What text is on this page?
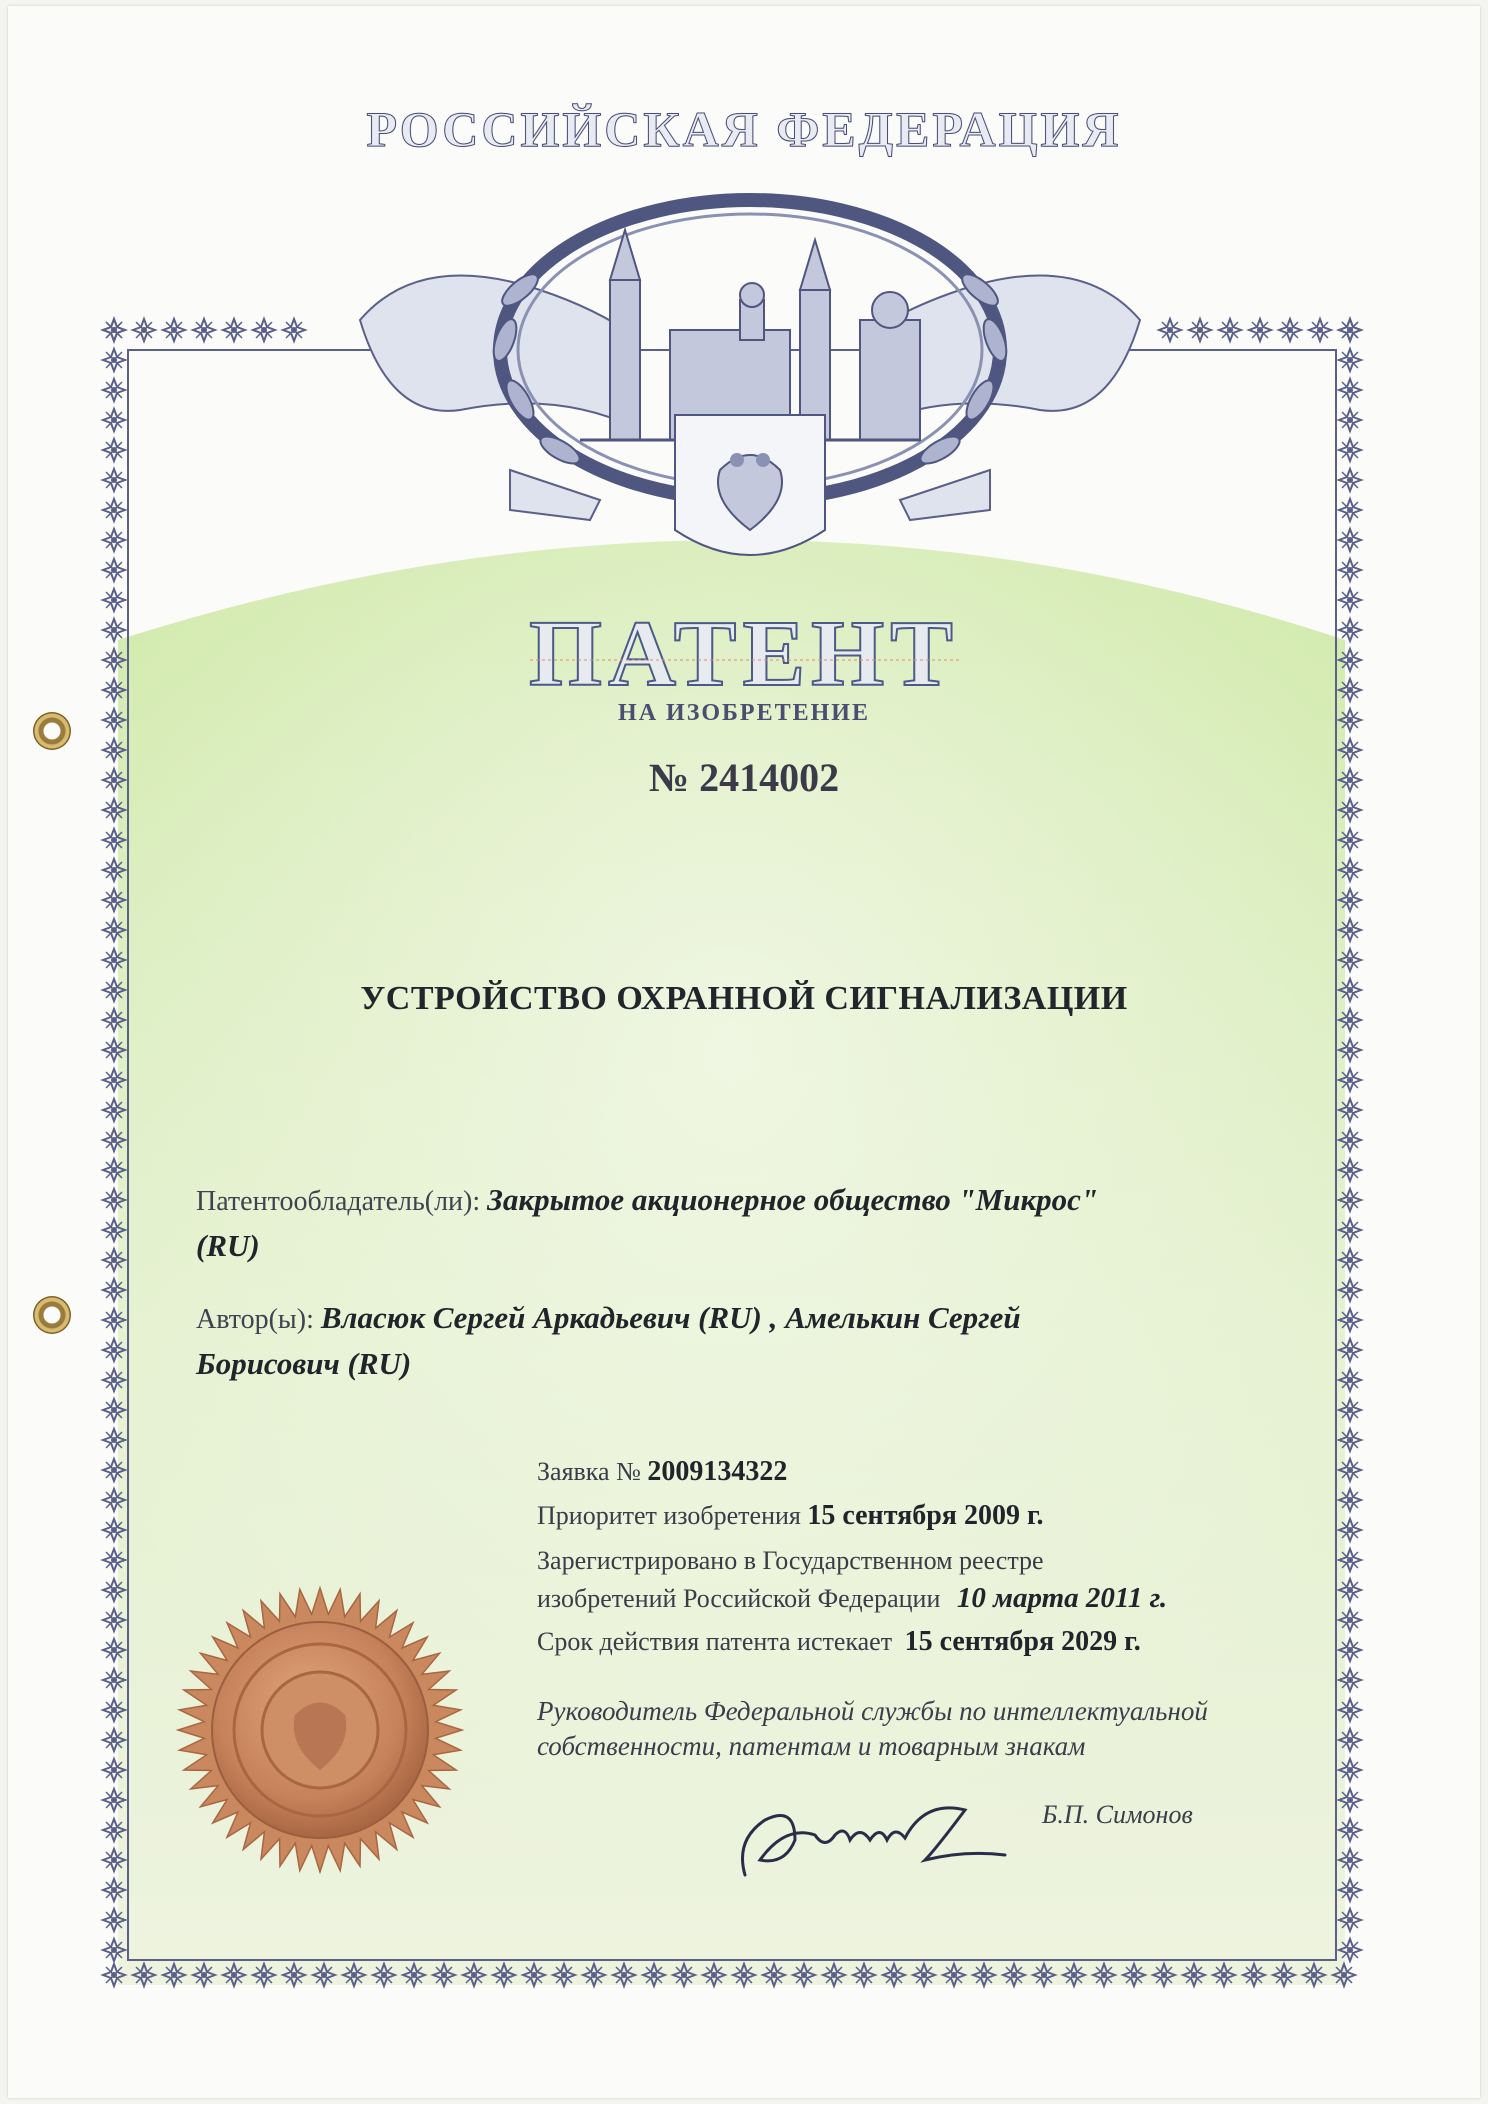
РОССИЙСКАЯ ФЕДЕРАЦИЯ
ПАТЕНТ
НА ИЗОБРЕТЕНИЕ
№ 2414002
УСТРОЙСТВО ОХРАННОЙ СИГНАЛИЗАЦИИ
Патентообладатель(ли): Закрытое акционерное общество "Микрос"
(RU)
Автор(ы): Власюк Сергей Аркадьевич (RU) , Амелькин Сергей
Борисович (RU)
Заявка № 2009134322
Приоритет изобретения 15 сентября 2009 г.
Зарегистрировано в Государственном реестре
изобретений Российской Федерации 10 марта 2011 г.
Срок действия патента истекает 15 сентября 2029 г.
Руководитель Федеральной службы по интеллектуальной
собственности, патентам и товарным знакам
Б.П. Симонов
